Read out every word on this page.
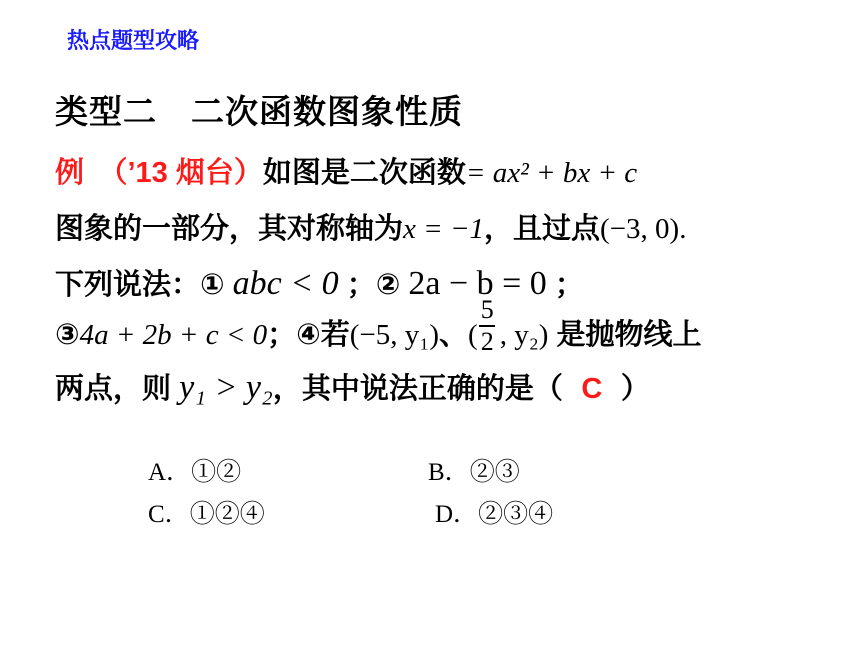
热点题型攻略
类型二　二次函数图象性质
例　（’13 烟台）如图是二次函数= ax² + bx + c
图象的一部分，其对称轴为x = −1，且过点(−3, 0).
下列说法：① abc < 0 ；② 2a − b = 0 ；
③4a + 2b + c < 0；④若(−5, y₁)、( $\frac{5}{2}$ , y₂) 是抛物线上
两点，则 y₁ > y₂，其中说法正确的是（ C ）
A．①②	B．②③
C．①②④	D．②③④
